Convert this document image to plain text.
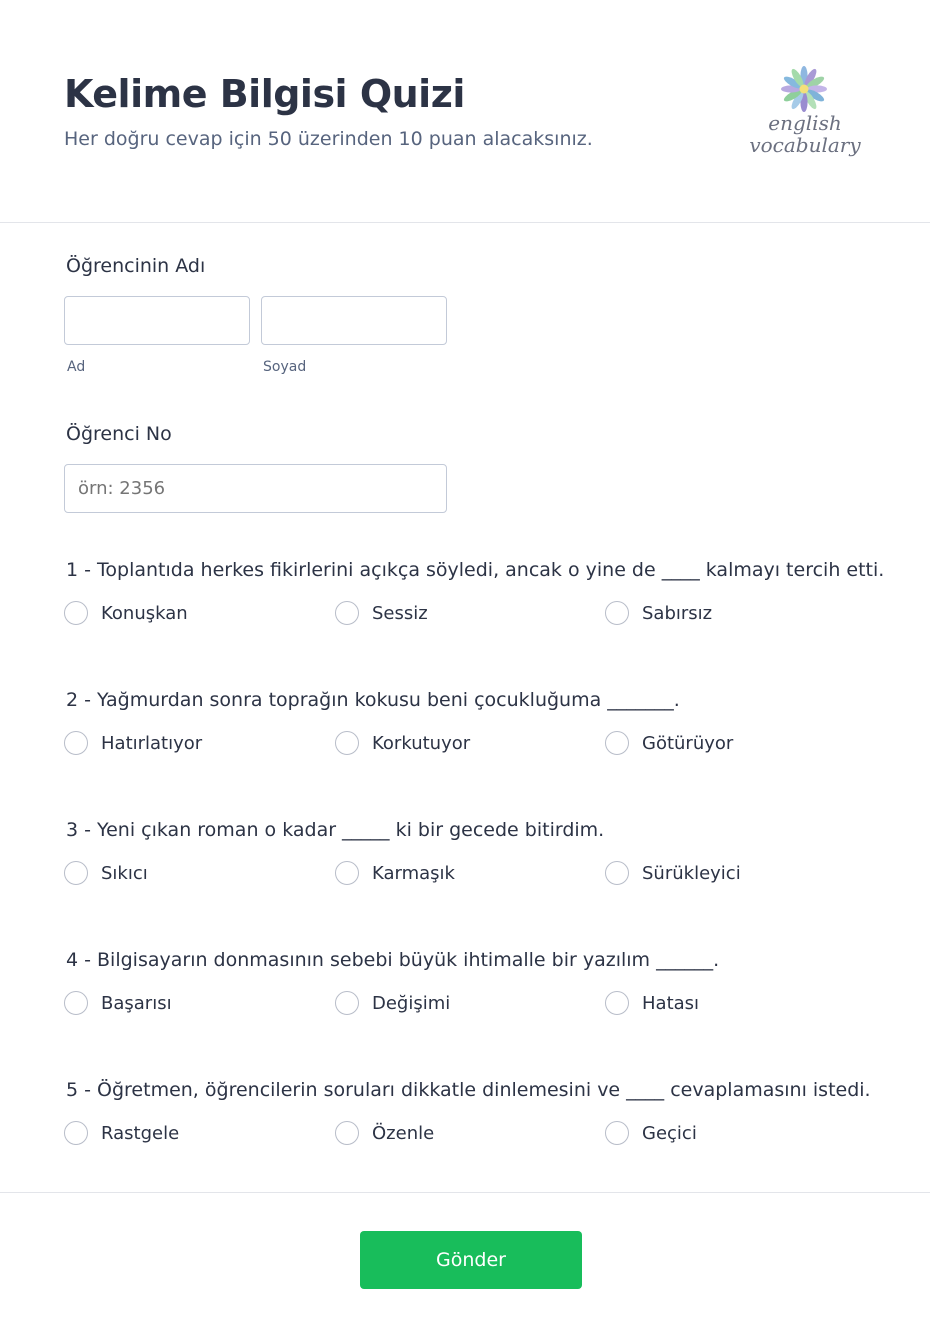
Kelime Bilgisi Quizi
Her doğru cevap için 50 üzerinden 10 puan alacaksınız.
english
vocabulary
Öğrencinin Adı
Ad	Soyad
Öğrenci No
örn: 2356
1 - Toplantıda herkes fikirlerini açıkça söyledi, ancak o yine de ____ kalmayı tercih etti.
Konuşkan	Sessiz	Sabırsız
2 - Yağmurdan sonra toprağın kokusu beni çocukluğuma _______.
Hatırlatıyor	Korkutuyor	Götürüyor
3 - Yeni çıkan roman o kadar _____ ki bir gecede bitirdim.
Sıkıcı	Karmaşık	Sürükleyici
4 - Bilgisayarın donmasının sebebi büyük ihtimalle bir yazılım ______.
Başarısı	Değişimi	Hatası
5 - Öğretmen, öğrencilerin soruları dikkatle dinlemesini ve ____ cevaplamasını istedi.
Rastgele	Özenle	Geçici
Gönder
